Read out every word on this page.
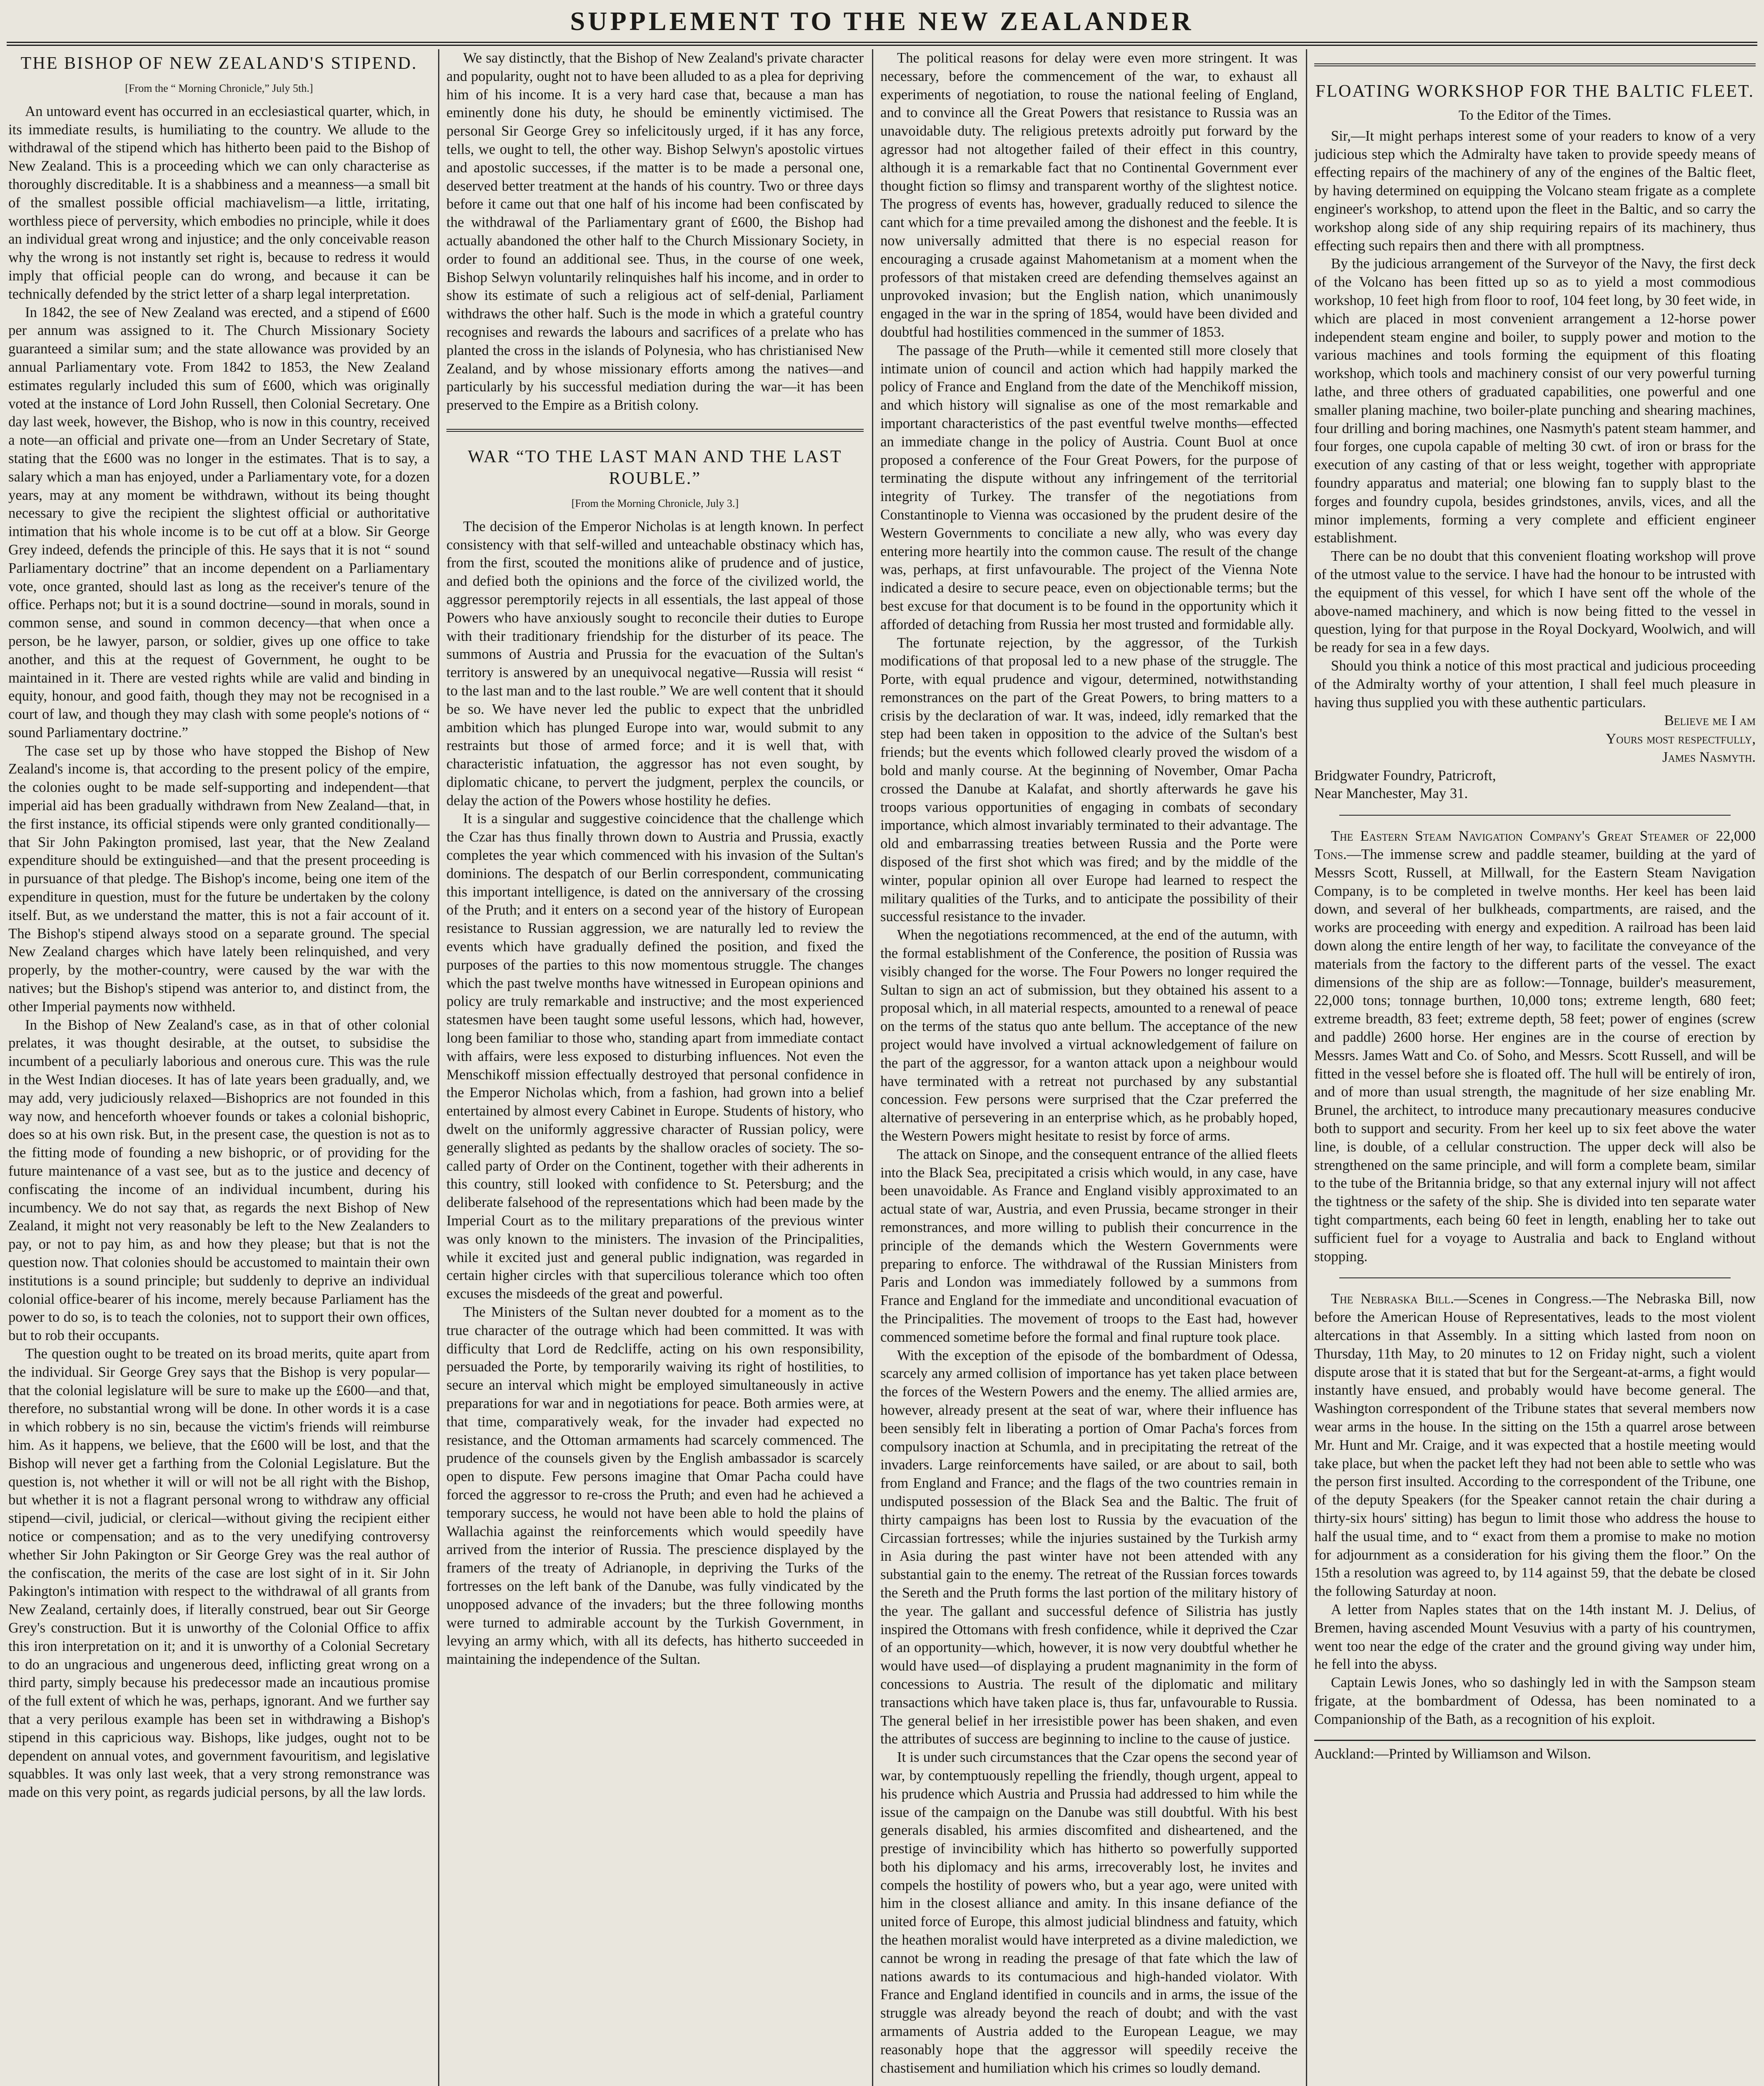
SUPPLEMENT TO THE NEW ZEALANDER
THE BISHOP OF NEW ZEALAND'S STIPEND.
[From the “ Morning Chronicle,” July 5th.]

An untoward event has occurred in an ecclesiastical quarter, which, in its immediate results, is humiliating to the country. We allude to the withdrawal of the stipend which has hitherto been paid to the Bishop of New Zealand. This is a proceeding which we can only characterise as thoroughly discreditable. It is a shabbiness and a meanness—a small bit of the smallest possible official machiavelism—a little, irritating, worthless piece of perversity, which embodies no principle, while it does an individual great wrong and injustice; and the only conceivable reason why the wrong is not instantly set right is, because to redress it would imply that official people can do wrong, and because it can be technically defended by the strict letter of a sharp legal interpretation.

In 1842, the see of New Zealand was erected, and a stipend of £600 per annum was assigned to it. The Church Missionary Society guaranteed a similar sum; and the state allowance was provided by an annual Parliamentary vote. From 1842 to 1853, the New Zealand estimates regularly included this sum of £600, which was originally voted at the instance of Lord John Russell, then Colonial Secretary. One day last week, however, the Bishop, who is now in this country, received a note—an official and private one—from an Under Secretary of State, stating that the £600 was no longer in the estimates. That is to say, a salary which a man has enjoyed, under a Parliamentary vote, for a dozen years, may at any moment be withdrawn, without its being thought necessary to give the recipient the slightest official or authoritative intimation that his whole income is to be cut off at a blow. Sir George Grey indeed, defends the principle of this. He says that it is not “ sound Parliamentary doctrine” that an income dependent on a Parliamentary vote, once granted, should last as long as the receiver's tenure of the office. Perhaps not; but it is a sound doctrine—sound in morals, sound in common sense, and sound in common decency—that when once a person, be he lawyer, parson, or soldier, gives up one office to take another, and this at the request of Government, he ought to be maintained in it. There are vested rights while are valid and binding in equity, honour, and good faith, though they may not be recognised in a court of law, and though they may clash with some people's notions of “ sound Parliamentary doctrine.”

The case set up by those who have stopped the Bishop of New Zealand's income is, that according to the present policy of the empire, the colonies ought to be made self-supporting and independent—that imperial aid has been gradually withdrawn from New Zealand—that, in the first instance, its official stipends were only granted conditionally—that Sir John Pakington promised, last year, that the New Zealand expenditure should be extinguished—and that the present proceeding is in pursuance of that pledge. The Bishop's income, being one item of the expenditure in question, must for the future be undertaken by the colony itself. But, as we understand the matter, this is not a fair account of it. The Bishop's stipend always stood on a separate ground. The special New Zealand charges which have lately been relinquished, and very properly, by the mother-country, were caused by the war with the natives; but the Bishop's stipend was anterior to, and distinct from, the other Imperial payments now withheld.

In the Bishop of New Zealand's case, as in that of other colonial prelates, it was thought desirable, at the outset, to subsidise the incumbent of a peculiarly laborious and onerous cure. This was the rule in the West Indian dioceses. It has of late years been gradually, and, we may add, very judiciously relaxed—Bishoprics are not founded in this way now, and henceforth whoever founds or takes a colonial bishopric, does so at his own risk. But, in the present case, the question is not as to the fitting mode of founding a new bishopric, or of providing for the future maintenance of a vast see, but as to the justice and decency of confiscating the income of an individual incumbent, during his incumbency. We do not say that, as regards the next Bishop of New Zealand, it might not very reasonably be left to the New Zealanders to pay, or not to pay him, as and how they please; but that is not the question now. That colonies should be accustomed to maintain their own institutions is a sound principle; but suddenly to deprive an individual colonial office-bearer of his income, merely because Parliament has the power to do so, is to teach the colonies, not to support their own offices, but to rob their occupants.

The question ought to be treated on its broad merits, quite apart from the individual. Sir George Grey says that the Bishop is very popular—that the colonial legislature will be sure to make up the £600—and that, therefore, no substantial wrong will be done. In other words it is a case in which robbery is no sin, because the victim's friends will reimburse him. As it happens, we believe, that the £600 will be lost, and that the Bishop will never get a farthing from the Colonial Legislature. But the question is, not whether it will or will not be all right with the Bishop, but whether it is not a flagrant personal wrong to withdraw any official stipend—civil, judicial, or clerical—without giving the recipient either notice or compensation; and as to the very unedifying controversy whether Sir John Pakington or Sir George Grey was the real author of the confiscation, the merits of the case are lost sight of in it. Sir John Pakington's intimation with respect to the withdrawal of all grants from New Zealand, certainly does, if literally construed, bear out Sir George Grey's construction. But it is unworthy of the Colonial Office to affix this iron interpretation on it; and it is unworthy of a Colonial Secretary to do an ungracious and ungenerous deed, inflicting great wrong on a third party, simply because his predecessor made an incautious promise of the full extent of which he was, perhaps, ignorant. And we further say that a very perilous example has been set in withdrawing a Bishop's stipend in this capricious way. Bishops, like judges, ought not to be dependent on annual votes, and government favouritism, and legislative squabbles. It was only last week, that a very strong remonstrance was made on this very point, as regards judicial persons, by all the law lords.

We say distinctly, that the Bishop of New Zealand's private character and popularity, ought not to have been alluded to as a plea for depriving him of his income. It is a very hard case that, because a man has eminently done his duty, he should be eminently victimised. The personal Sir George Grey so infelicitously urged, if it has any force, tells, we ought to tell, the other way. Bishop Selwyn's apostolic virtues and apostolic successes, if the matter is to be made a personal one, deserved better treatment at the hands of his country. Two or three days before it came out that one half of his income had been confiscated by the withdrawal of the Parliamentary grant of £600, the Bishop had actually abandoned the other half to the Church Missionary Society, in order to found an additional see. Thus, in the course of one week, Bishop Selwyn voluntarily relinquishes half his income, and in order to show its estimate of such a religious act of self-denial, Parliament withdraws the other half. Such is the mode in which a grateful country recognises and rewards the labours and sacrifices of a prelate who has planted the cross in the islands of Polynesia, who has christianised New Zealand, and by whose missionary efforts among the natives—and particularly by his successful mediation during the war—it has been preserved to the Empire as a British colony.

WAR “TO THE LAST MAN AND THE LAST ROUBLE.”
[From the Morning Chronicle, July 3.]

The decision of the Emperor Nicholas is at length known. In perfect consistency with that self-willed and unteachable obstinacy which has, from the first, scouted the monitions alike of prudence and of justice, and defied both the opinions and the force of the civilized world, the aggressor peremptorily rejects in all essentials, the last appeal of those Powers who have anxiously sought to reconcile their duties to Europe with their traditionary friendship for the disturber of its peace. The summons of Austria and Prussia for the evacuation of the Sultan's territory is answered by an unequivocal negative—Russia will resist “ to the last man and to the last rouble.” We are well content that it should be so. We have never led the public to expect that the unbridled ambition which has plunged Europe into war, would submit to any restraints but those of armed force; and it is well that, with characteristic infatuation, the aggressor has not even sought, by diplomatic chicane, to pervert the judgment, perplex the councils, or delay the action of the Powers whose hostility he defies.

It is a singular and suggestive coincidence that the challenge which the Czar has thus finally thrown down to Austria and Prussia, exactly completes the year which commenced with his invasion of the Sultan's dominions. The despatch of our Berlin correspondent, communicating this important intelligence, is dated on the anniversary of the crossing of the Pruth; and it enters on a second year of the history of European resistance to Russian aggression, we are naturally led to review the events which have gradually defined the position, and fixed the purposes of the parties to this now momentous struggle. The changes which the past twelve months have witnessed in European opinions and policy are truly remarkable and instructive; and the most experienced statesmen have been taught some useful lessons, which had, however, long been familiar to those who, standing apart from immediate contact with affairs, were less exposed to disturbing influences. Not even the Menschikoff mission effectually destroyed that personal confidence in the Emperor Nicholas which, from a fashion, had grown into a belief entertained by almost every Cabinet in Europe. Students of history, who dwelt on the uniformly aggressive character of Russian policy, were generally slighted as pedants by the shallow oracles of society. The so-called party of Order on the Continent, together with their adherents in this country, still looked with confidence to St. Petersburg; and the deliberate falsehood of the representations which had been made by the Imperial Court as to the military preparations of the previous winter was only known to the ministers. The invasion of the Principalities, while it excited just and general public indignation, was regarded in certain higher circles with that supercilious tolerance which too often excuses the misdeeds of the great and powerful.

The Ministers of the Sultan never doubted for a moment as to the true character of the outrage which had been committed. It was with difficulty that Lord de Redcliffe, acting on his own responsibility, persuaded the Porte, by temporarily waiving its right of hostilities, to secure an interval which might be employed simultaneously in active preparations for war and in negotiations for peace. Both armies were, at that time, comparatively weak, for the invader had expected no resistance, and the Ottoman armaments had scarcely commenced. The prudence of the counsels given by the English ambassador is scarcely open to dispute. Few persons imagine that Omar Pacha could have forced the aggressor to re-cross the Pruth; and even had he achieved a temporary success, he would not have been able to hold the plains of Wallachia against the reinforcements which would speedily have arrived from the interior of Russia. The prescience displayed by the framers of the treaty of Adrianople, in depriving the Turks of the fortresses on the left bank of the Danube, was fully vindicated by the unopposed advance of the invaders; but the three following months were turned to admirable account by the Turkish Government, in levying an army which, with all its defects, has hitherto succeeded in maintaining the independence of the Sultan.

The political reasons for delay were even more stringent. It was necessary, before the commencement of the war, to exhaust all experiments of negotiation, to rouse the national feeling of England, and to convince all the Great Powers that resistance to Russia was an unavoidable duty. The religious pretexts adroitly put forward by the agressor had not altogether failed of their effect in this country, although it is a remarkable fact that no Continental Government ever thought fiction so flimsy and transparent worthy of the slightest notice. The progress of events has, however, gradually reduced to silence the cant which for a time prevailed among the dishonest and the feeble. It is now universally admitted that there is no especial reason for encouraging a crusade against Mahometanism at a moment when the professors of that mistaken creed are defending themselves against an unprovoked invasion; but the English nation, which unanimously engaged in the war in the spring of 1854, would have been divided and doubtful had hostilities commenced in the summer of 1853.

The passage of the Pruth—while it cemented still more closely that intimate union of council and action which had happily marked the policy of France and England from the date of the Menchikoff mission, and which history will signalise as one of the most remarkable and important characteristics of the past eventful twelve months—effected an immediate change in the policy of Austria. Count Buol at once proposed a conference of the Four Great Powers, for the purpose of terminating the dispute without any infringement of the territorial integrity of Turkey. The transfer of the negotiations from Constantinople to Vienna was occasioned by the prudent desire of the Western Governments to conciliate a new ally, who was every day entering more heartily into the common cause. The result of the change was, perhaps, at first unfavourable. The project of the Vienna Note indicated a desire to secure peace, even on objectionable terms; but the best excuse for that document is to be found in the opportunity which it afforded of detaching from Russia her most trusted and formidable ally.

The fortunate rejection, by the aggressor, of the Turkish modifications of that proposal led to a new phase of the struggle. The Porte, with equal prudence and vigour, determined, notwithstanding remonstrances on the part of the Great Powers, to bring matters to a crisis by the declaration of war. It was, indeed, idly remarked that the step had been taken in opposition to the advice of the Sultan's best friends; but the events which followed clearly proved the wisdom of a bold and manly course. At the beginning of November, Omar Pacha crossed the Danube at Kalafat, and shortly afterwards he gave his troops various opportunities of engaging in combats of secondary importance, which almost invariably terminated to their advantage. The old and embarrassing treaties between Russia and the Porte were disposed of the first shot which was fired; and by the middle of the winter, popular opinion all over Europe had learned to respect the military qualities of the Turks, and to anticipate the possibility of their successful resistance to the invader.

When the negotiations recommenced, at the end of the autumn, with the formal establishment of the Conference, the position of Russia was visibly changed for the worse. The Four Powers no longer required the Sultan to sign an act of submission, but they obtained his assent to a proposal which, in all material respects, amounted to a renewal of peace on the terms of the status quo ante bellum. The acceptance of the new project would have involved a virtual acknowledgement of failure on the part of the aggressor, for a wanton attack upon a neighbour would have terminated with a retreat not purchased by any substantial concession. Few persons were surprised that the Czar preferred the alternative of persevering in an enterprise which, as he probably hoped, the Western Powers might hesitate to resist by force of arms.

The attack on Sinope, and the consequent entrance of the allied fleets into the Black Sea, precipitated a crisis which would, in any case, have been unavoidable. As France and England visibly approximated to an actual state of war, Austria, and even Prussia, became stronger in their remonstrances, and more willing to publish their concurrence in the principle of the demands which the Western Governments were preparing to enforce. The withdrawal of the Russian Ministers from Paris and London was immediately followed by a summons from France and England for the immediate and unconditional evacuation of the Principalities. The movement of troops to the East had, however commenced sometime before the formal and final rupture took place.

With the exception of the episode of the bombardment of Odessa, scarcely any armed collision of importance has yet taken place between the forces of the Western Powers and the enemy. The allied armies are, however, already present at the seat of war, where their influence has been sensibly felt in liberating a portion of Omar Pacha's forces from compulsory inaction at Schumla, and in precipitating the retreat of the invaders. Large reinforcements have sailed, or are about to sail, both from England and France; and the flags of the two countries remain in undisputed possession of the Black Sea and the Baltic. The fruit of thirty campaigns has been lost to Russia by the evacuation of the Circassian fortresses; while the injuries sustained by the Turkish army in Asia during the past winter have not been attended with any substantial gain to the enemy. The retreat of the Russian forces towards the Sereth and the Pruth forms the last portion of the military history of the year. The gallant and successful defence of Silistria has justly inspired the Ottomans with fresh confidence, while it deprived the Czar of an opportunity—which, however, it is now very doubtful whether he would have used—of displaying a prudent magnanimity in the form of concessions to Austria. The result of the diplomatic and military transactions which have taken place is, thus far, unfavourable to Russia. The general belief in her irresistible power has been shaken, and even the attributes of success are beginning to incline to the cause of justice.

It is under such circumstances that the Czar opens the second year of war, by contemptuously repelling the friendly, though urgent, appeal to his prudence which Austria and Prussia had addressed to him while the issue of the campaign on the Danube was still doubtful. With his best generals disabled, his armies discomfited and disheartened, and the prestige of invincibility which has hitherto so powerfully supported both his diplomacy and his arms, irrecoverably lost, he invites and compels the hostility of powers who, but a year ago, were united with him in the closest alliance and amity. In this insane defiance of the united force of Europe, this almost judicial blindness and fatuity, which the heathen moralist would have interpreted as a divine malediction, we cannot be wrong in reading the presage of that fate which the law of nations awards to its contumacious and high-handed violator. With France and England identified in councils and in arms, the issue of the struggle was already beyond the reach of doubt; and with the vast armaments of Austria added to the European League, we may reasonably hope that the aggressor will speedily receive the chastisement and humiliation which his crimes so loudly demand.

FLOATING WORKSHOP FOR THE BALTIC FLEET.
To the Editor of the Times.

Sir,—It might perhaps interest some of your readers to know of a very judicious step which the Admiralty have taken to provide speedy means of effecting repairs of the machinery of any of the engines of the Baltic fleet, by having determined on equipping the Volcano steam frigate as a complete engineer's workshop, to attend upon the fleet in the Baltic, and so carry the workshop along side of any ship requiring repairs of its machinery, thus effecting such repairs then and there with all promptness.

By the judicious arrangement of the Surveyor of the Navy, the first deck of the Volcano has been fitted up so as to yield a most commodious workshop, 10 feet high from floor to roof, 104 feet long, by 30 feet wide, in which are placed in most convenient arrangement a 12-horse power independent steam engine and boiler, to supply power and motion to the various machines and tools forming the equipment of this floating workshop, which tools and machinery consist of our very powerful turning lathe, and three others of graduated capabilities, one powerful and one smaller planing machine, two boiler-plate punching and shearing machines, four drilling and boring machines, one Nasmyth's patent steam hammer, and four forges, one cupola capable of melting 30 cwt. of iron or brass for the execution of any casting of that or less weight, together with appropriate foundry apparatus and material; one blowing fan to supply blast to the forges and foundry cupola, besides grindstones, anvils, vices, and all the minor implements, forming a very complete and efficient engineer establishment.

There can be no doubt that this convenient floating workshop will prove of the utmost value to the service. I have had the honour to be intrusted with the equipment of this vessel, for which I have sent off the whole of the above-named machinery, and which is now being fitted to the vessel in question, lying for that purpose in the Royal Dockyard, Woolwich, and will be ready for sea in a few days.

Should you think a notice of this most practical and judicious proceeding of the Admiralty worthy of your attention, I shall feel much pleasure in having thus supplied you with these authentic particulars.

Believe me I am

Yours most respectfully,

James Nasmyth.

Bridgwater Foundry, Patricroft,

Near Manchester, May 31.

The Eastern Steam Navigation Company's Great Steamer of 22,000 Tons.—The immense screw and paddle steamer, building at the yard of Messrs Scott, Russell, at Millwall, for the Eastern Steam Navigation Company, is to be completed in twelve months. Her keel has been laid down, and several of her bulkheads, compartments, are raised, and the works are proceeding with energy and expedition. A railroad has been laid down along the entire length of her way, to facilitate the conveyance of the materials from the factory to the different parts of the vessel. The exact dimensions of the ship are as follow:—Tonnage, builder's measurement, 22,000 tons; tonnage burthen, 10,000 tons; extreme length, 680 feet; extreme breadth, 83 feet; extreme depth, 58 feet; power of engines (screw and paddle) 2600 horse. Her engines are in the course of erection by Messrs. James Watt and Co. of Soho, and Messrs. Scott Russell, and will be fitted in the vessel before she is floated off. The hull will be entirely of iron, and of more than usual strength, the magnitude of her size enabling Mr. Brunel, the architect, to introduce many precautionary measures conducive both to support and security. From her keel up to six feet above the water line, is double, of a cellular construction. The upper deck will also be strengthened on the same principle, and will form a complete beam, similar to the tube of the Britannia bridge, so that any external injury will not affect the tightness or the safety of the ship. She is divided into ten separate water tight compartments, each being 60 feet in length, enabling her to take out sufficient fuel for a voyage to Australia and back to England without stopping.

The Nebraska Bill.—Scenes in Congress.—The Nebraska Bill, now before the American House of Representatives, leads to the most violent altercations in that Assembly. In a sitting which lasted from noon on Thursday, 11th May, to 20 minutes to 12 on Friday night, such a violent dispute arose that it is stated that but for the Sergeant-at-arms, a fight would instantly have ensued, and probably would have become general. The Washington correspondent of the Tribune states that several members now wear arms in the house. In the sitting on the 15th a quarrel arose between Mr. Hunt and Mr. Craige, and it was expected that a hostile meeting would take place, but when the packet left they had not been able to settle who was the person first insulted. According to the correspondent of the Tribune, one of the deputy Speakers (for the Speaker cannot retain the chair during a thirty-six hours' sitting) has begun to limit those who address the house to half the usual time, and to “ exact from them a promise to make no motion for adjournment as a consideration for his giving them the floor.” On the 15th a resolution was agreed to, by 114 against 59, that the debate be closed the following Saturday at noon.

A letter from Naples states that on the 14th instant M. J. Delius, of Bremen, having ascended Mount Vesuvius with a party of his countrymen, went too near the edge of the crater and the ground giving way under him, he fell into the abyss.

Captain Lewis Jones, who so dashingly led in with the Sampson steam frigate, at the bombardment of Odessa, has been nominated to a Companionship of the Bath, as a recognition of his exploit.

Auckland:—Printed by Williamson and Wilson.
